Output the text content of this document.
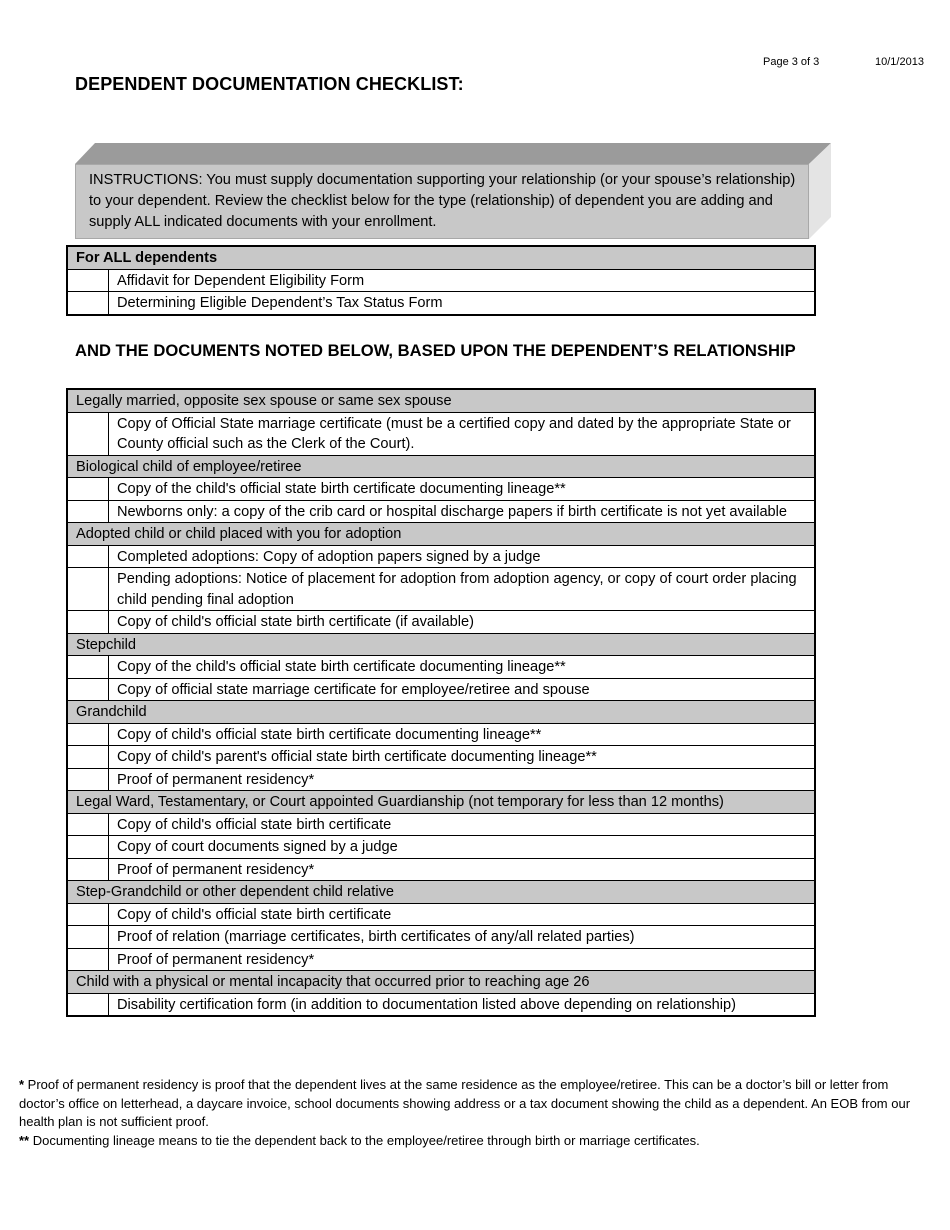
Page 3 of 3	10/1/2013
DEPENDENT DOCUMENTATION CHECKLIST:
INSTRUCTIONS: You must supply documentation supporting your relationship (or your spouse’s relationship) to your dependent. Review the checklist below for the type (relationship) of dependent you are adding and supply ALL indicated documents with your enrollment.
For ALL dependents	
	Affidavit for Dependent Eligibility Form
	Determining Eligible Dependent’s Tax Status Form
AND THE DOCUMENTS NOTED BELOW, BASED UPON THE DEPENDENT’S RELATIONSHIP
Legally married, opposite sex spouse or same sex spouse	
	Copy of Official State marriage certificate (must be a certified copy and dated by the appropriate State or County official such as the Clerk of the Court).
Biological child of employee/retiree	
	Copy of the child's official state birth certificate documenting lineage**
	Newborns only: a copy of the crib card or hospital discharge papers if birth certificate is not yet available
Adopted child or child placed with you for adoption	
	Completed adoptions: Copy of adoption papers signed by a judge
	Pending adoptions: Notice of placement for adoption from adoption agency, or copy of court order placing child pending final adoption
	Copy of child's official state birth certificate (if available)
Stepchild	
	Copy of the child's official state birth certificate documenting lineage**
	Copy of official state marriage certificate for employee/retiree and spouse
Grandchild	
	Copy of child's official state birth certificate documenting lineage**
	Copy of child's parent's official state birth certificate documenting lineage**
	Proof of permanent residency*
Legal Ward, Testamentary, or Court appointed Guardianship (not temporary for less than 12 months)	
	Copy of child's official state birth certificate
	Copy of court documents signed by a judge
	Proof of permanent residency*
Step-Grandchild or other dependent child relative	
	Copy of child's official state birth certificate
	Proof of relation (marriage certificates, birth certificates of any/all related parties)
	Proof of permanent residency*
Child with a physical or mental incapacity that occurred prior to reaching age 26	
	Disability certification form (in addition to documentation listed above depending on relationship)

* Proof of permanent residency is proof that the dependent lives at the same residence as the employee/retiree. This can be a doctor’s bill or letter from doctor’s office on letterhead, a daycare invoice, school documents showing address or a tax document showing the child as a dependent. An EOB from our health plan is not sufficient proof.

** Documenting lineage means to tie the dependent back to the employee/retiree through birth or marriage certificates.
